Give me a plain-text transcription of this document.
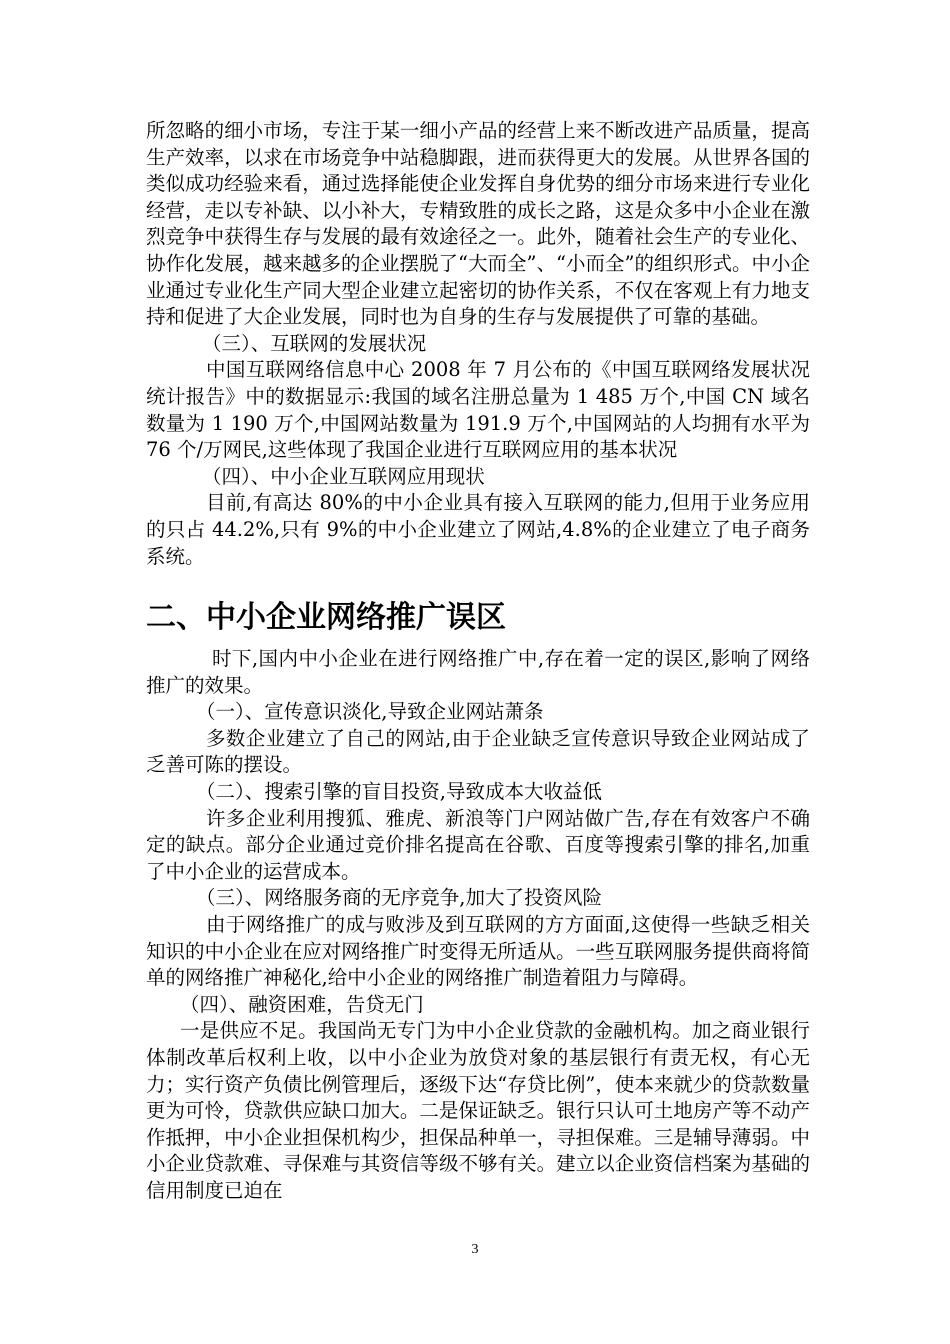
所忽略的细小市场，专注于某一细小产品的经营上来不断改进产品质量，提高生产效率，以求在市场竞争中站稳脚跟，进而获得更大的发展。从世界各国的类似成功经验来看，通过选择能使企业发挥自身优势的细分市场来进行专业化经营，走以专补缺、以小补大，专精致胜的成长之路，这是众多中小企业在激烈竞争中获得生存与发展的最有效途径之一。此外，随着社会生产的专业化、协作化发展，越来越多的企业摆脱了“大而全”、“小而全”的组织形式。中小企业通过专业化生产同大型企业建立起密切的协作关系，不仅在客观上有力地支持和促进了大企业发展，同时也为自身的生存与发展提供了可靠的基础。

（三）、互联网的发展状况

中国互联网络信息中心 2008 年 7 月公布的《中国互联网络发展状况统计报告》中的数据显示:我国的域名注册总量为 1 485 万个,中国 CN 域名数量为 1 190 万个,中国网站数量为 191.9 万个,中国网站的人均拥有水平为 76 个/万网民,这些体现了我国企业进行互联网应用的基本状况

（四）、中小企业互联网应用现状

目前,有高达 80%的中小企业具有接入互联网的能力,但用于业务应用的只占 44.2%,只有 9%的中小企业建立了网站,4.8%的企业建立了电子商务系统。

二、中小企业网络推广误区

时下,国内中小企业在进行网络推广中,存在着一定的误区,影响了网络推广的效果。

（一）、宣传意识淡化,导致企业网站萧条

多数企业建立了自己的网站,由于企业缺乏宣传意识导致企业网站成了乏善可陈的摆设。

（二）、搜索引擎的盲目投资,导致成本大收益低

许多企业利用搜狐、雅虎、新浪等门户网站做广告,存在有效客户不确定的缺点。部分企业通过竞价排名提高在谷歌、百度等搜索引擎的排名,加重了中小企业的运营成本。

（三）、网络服务商的无序竞争,加大了投资风险

由于网络推广的成与败涉及到互联网的方方面面,这使得一些缺乏相关知识的中小企业在应对网络推广时变得无所适从。一些互联网服务提供商将简单的网络推广神秘化,给中小企业的网络推广制造着阻力与障碍。

（四）、融资困难，告贷无门

一是供应不足。我国尚无专门为中小企业贷款的金融机构。加之商业银行体制改革后权利上收，以中小企业为放贷对象的基层银行有责无权，有心无力；实行资产负债比例管理后，逐级下达“存贷比例”，使本来就少的贷款数量更为可怜，贷款供应缺口加大。二是保证缺乏。银行只认可土地房产等不动产作抵押，中小企业担保机构少，担保品种单一，寻担保难。三是辅导薄弱。中小企业贷款难、寻保难与其资信等级不够有关。建立以企业资信档案为基础的信用制度已迫在

3
